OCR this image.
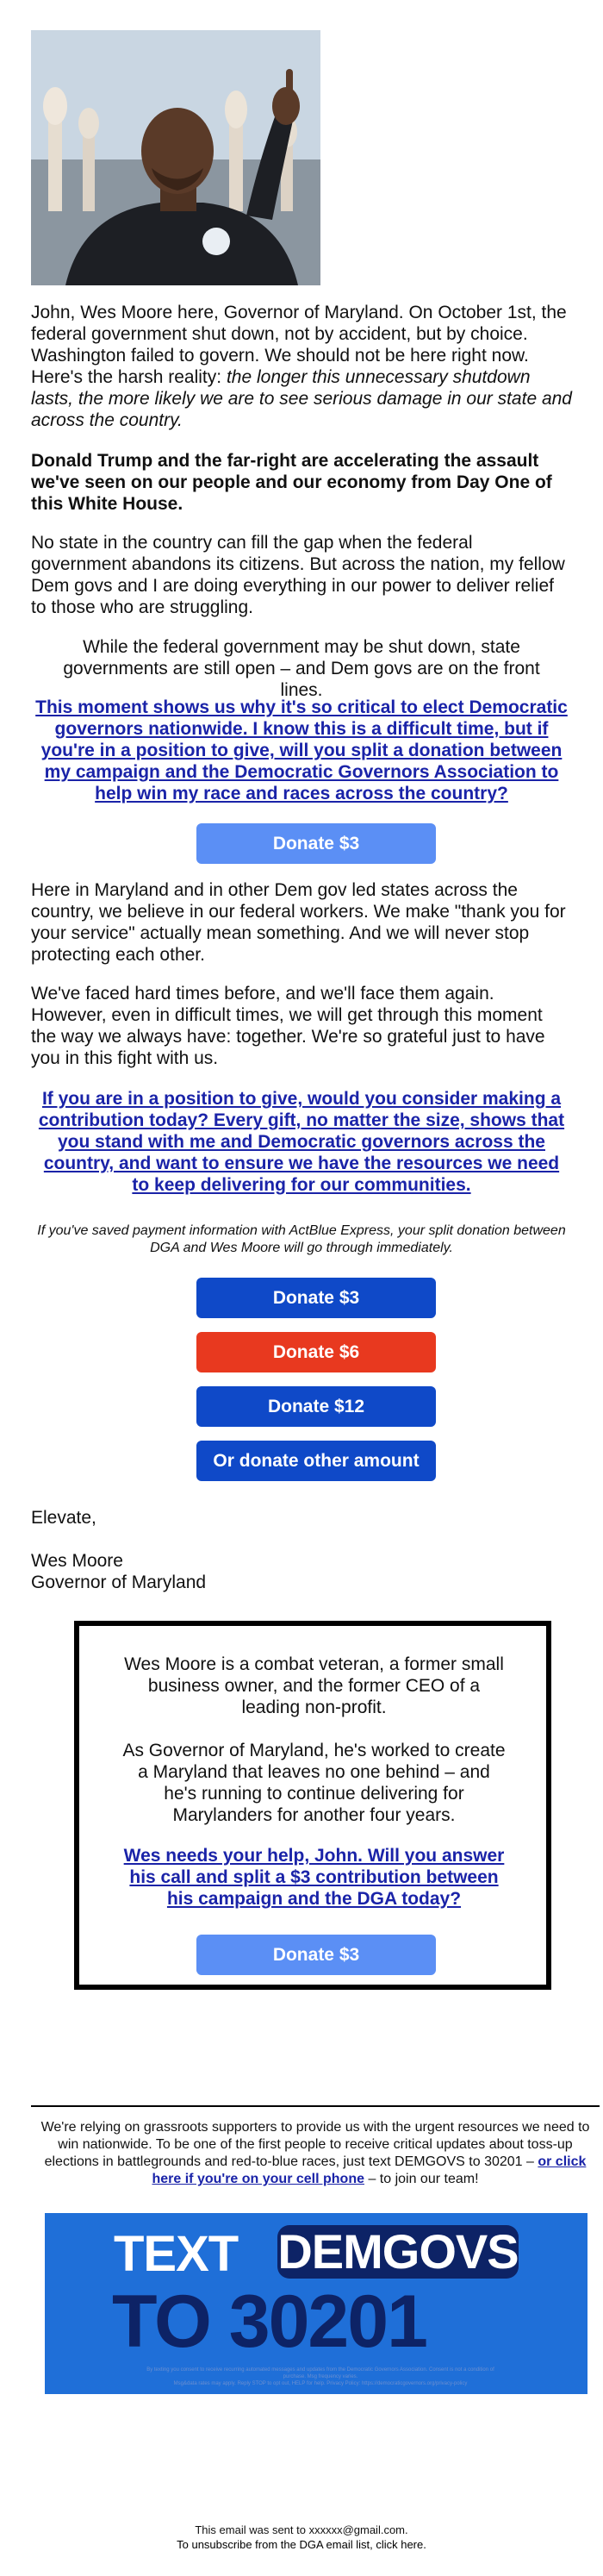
John, Wes Moore here, Governor of Maryland. On October 1st, the federal government shut down, not by accident, but by choice. Washington failed to govern. We should not be here right now. Here's the harsh reality: the longer this unnecessary shutdown lasts, the more likely we are to see serious damage in our state and across the country.

Donald Trump and the far-right are accelerating the assault we've seen on our people and our economy from Day One of this White House.

No state in the country can fill the gap when the federal government abandons its citizens. But across the nation, my fellow Dem govs and I are doing everything in our power to deliver relief to those who are struggling.

While the federal government may be shut down, state governments are still open – and Dem govs are on the front lines.

This moment shows us why it's so critical to elect Democratic governors nationwide. I know this is a difficult time, but if you're in a position to give, will you split a donation between my campaign and the Democratic Governors Association to help win my race and races across the country?

Donate $3

Here in Maryland and in other Dem gov led states across the country, we believe in our federal workers. We make "thank you for your service" actually mean something. And we will never stop protecting each other.

We've faced hard times before, and we'll face them again. However, even in difficult times, we will get through this moment the way we always have: together. We're so grateful just to have you in this fight with us.

If you are in a position to give, would you consider making a contribution today? Every gift, no matter the size, shows that you stand with me and Democratic governors across the country, and want to ensure we have the resources we need to keep delivering for our communities.

If you've saved payment information with ActBlue Express, your split donation between DGA and Wes Moore will go through immediately.

Donate $3
Donate $6
Donate $12
Or donate other amount

Elevate,

Wes Moore

Governor of Maryland

Wes Moore is a combat veteran, a former small business owner, and the former CEO of a leading non-profit.

As Governor of Maryland, he's worked to create a Maryland that leaves no one behind – and he's running to continue delivering for Marylanders for another four years.

Wes needs your help, John. Will you answer his call and split a $3 contribution between his campaign and the DGA today?

Donate $3

We're relying on grassroots supporters to provide us with the urgent resources we need to win nationwide. To be one of the first people to receive critical updates about toss-up elections in battlegrounds and red-to-blue races, just text DEMGOVS to 30201 – or click here if you're on your cell phone – to join our team!

TEXT DEMGOVS
TO 30201
By texting you consent to receive recurring automated messages and updates from the Democratic Governors Association. Consent is not a condition of purchase. Msg frequency varies.
Msg&data rates may apply. Reply STOP to opt out, HELP for help. Privacy Policy: https://democraticgovernors.org/privacy-policy
This email was sent to xxxxxx@gmail.com.
To unsubscribe from the DGA email list, click here.
